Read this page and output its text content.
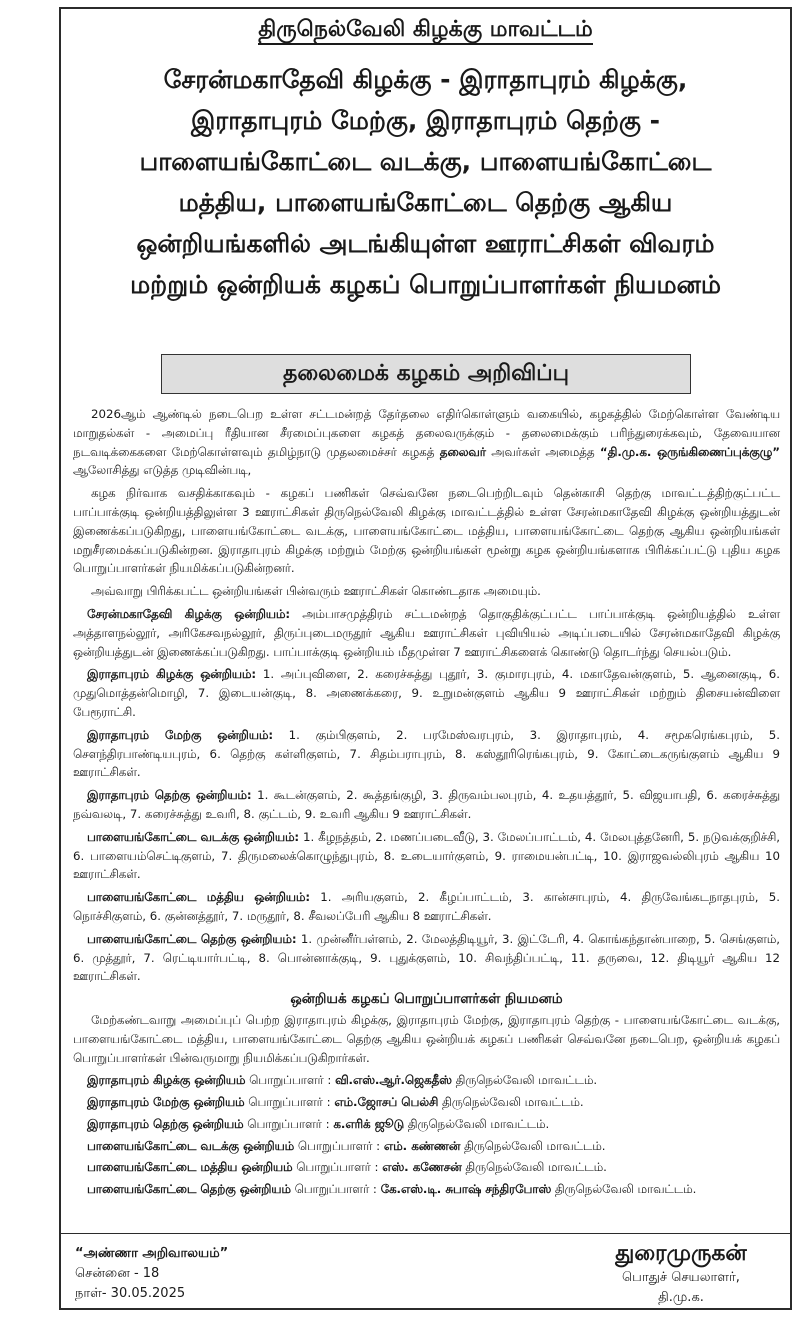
திருநெல்வேலி கிழக்கு மாவட்டம்
சேரன்மகாதேவி கிழக்கு - இராதாபுரம் கிழக்கு,
இராதாபுரம் மேற்கு, இராதாபுரம் தெற்கு -
பாளையங்கோட்டை வடக்கு, பாளையங்கோட்டை
மத்திய, பாளையங்கோட்டை தெற்கு ஆகிய
ஒன்றியங்களில் அடங்கியுள்ள ஊராட்சிகள் விவரம்
மற்றும் ஒன்றியக் கழகப் பொறுப்பாளர்கள் நியமனம்
தலைமைக் கழகம் அறிவிப்பு

2026ஆம் ஆண்டில் நடைபெற உள்ள சட்டமன்றத் தேர்தலை எதிர்கொள்ளும் வகையில், கழகத்தில் மேற்கொள்ள வேண்டிய மாறுதல்கள் - அமைப்பு ரீதியான சீரமைப்புகளை கழகத் தலைவருக்கும் - தலைமைக்கும் பரிந்துரைக்கவும், தேவையான நடவடிக்கைகளை மேற்கொள்ளவும் தமிழ்நாடு முதலமைச்சர் கழகத் தலைவர் அவர்கள் அமைத்த “தி.மு.க. ஒருங்கிணைப்புக்குழு” ஆலோசித்து எடுத்த முடிவின்படி,

கழக நிர்வாக வசதிக்காகவும் - கழகப் பணிகள் செவ்வனே நடைபெற்றிடவும் தென்காசி தெற்கு மாவட்டத்திற்குட்பட்ட பாப்பாக்குடி ஒன்றியத்திலுள்ள 3 ஊராட்சிகள் திருநெல்வேலி கிழக்கு மாவட்டத்தில் உள்ள சேரன்மகாதேவி கிழக்கு ஒன்றியத்துடன் இணைக்கப்படுகிறது, பாளையங்கோட்டை வடக்கு, பாளையங்கோட்டை மத்திய, பாளையங்கோட்டை தெற்கு ஆகிய ஒன்றியங்கள் மறுசீரமைக்கப்படுகின்றன. இராதாபுரம் கிழக்கு மற்றும் மேற்கு ஒன்றியங்கள் மூன்று கழக ஒன்றியங்களாக பிரிக்கப்பட்டு புதிய கழக பொறுப்பாளர்கள் நியமிக்கப்படுகின்றனர்.

அவ்வாறு பிரிக்கபட்ட ஒன்றியங்கள் பின்வரும் ஊராட்சிகள் கொண்டதாக அமையும்.

சேரன்மகாதேவி கிழக்கு ஒன்றியம்: அம்பாசமுத்திரம் சட்டமன்றத் தொகுதிக்குட்பட்ட பாப்பாக்குடி ஒன்றியத்தில் உள்ள அத்தாளநல்லூர், அரிகேசவநல்லூர், திருப்புடைமருதூர் ஆகிய ஊராட்சிகள் புவியியல் அடிப்படையில் சேரன்மகாதேவி கிழக்கு ஒன்றியத்துடன் இணைக்கப்படுகிறது. பாப்பாக்குடி ஒன்றியம் மீதமுள்ள 7 ஊராட்சிகளைக் கொண்டு தொடர்ந்து செயல்படும்.

இராதாபுரம் கிழக்கு ஒன்றியம்: 1. அப்புவிளை, 2. கரைச்சுத்து புதூர், 3. குமாரபுரம், 4. மகாதேவன்குளம், 5. ஆனைகுடி, 6. முதுமொத்தன்மொழி, 7. இடையன்குடி, 8. அணைக்கரை, 9. உறுமன்குளம் ஆகிய 9 ஊராட்சிகள் மற்றும் திசையன்விளை பேரூராட்சி.

இராதாபுரம் மேற்கு ஒன்றியம்: 1. கும்பிகுளம், 2. பரமேஸ்வரபுரம், 3. இராதாபுரம், 4. சமூகரெங்கபுரம், 5. சௌந்திரபாண்டியபுரம், 6. தெற்கு கள்ளிகுளம், 7. சிதம்பராபுரம், 8. கஸ்தூரிரெங்கபுரம், 9. கோட்டைகருங்குளம் ஆகிய 9 ஊராட்சிகள்.

இராதாபுரம் தெற்கு ஒன்றியம்: 1. கூடன்குளம், 2. கூத்தங்குழி, 3. திருவம்பலபுரம், 4. உதயத்தூர், 5. விஜயாபதி, 6. கரைச்சுத்து நவ்வலடி, 7. கரைச்சுத்து உவரி, 8. குட்டம், 9. உவரி ஆகிய 9 ஊராட்சிகள்.

பாளையங்கோட்டை வடக்கு ஒன்றியம்: 1. கீழநத்தம், 2. மணப்படைவீடு, 3. மேலப்பாட்டம், 4. மேலபுத்தனேரி, 5. நடுவக்குறிச்சி, 6. பாளையம்செட்டிகுளம், 7. திருமலைக்கொழுந்துபுரம், 8. உடையார்குளம், 9. ராமையன்பட்டி, 10. இராஜவல்லிபுரம் ஆகிய 10 ஊராட்சிகள்.

பாளையங்கோட்டை மத்திய ஒன்றியம்: 1. அரியகுளம், 2. கீழப்பாட்டம், 3. கான்சாபுரம், 4. திருவேங்கடநாதபுரம், 5. நொச்சிகுளம், 6. குன்னத்தூர், 7. மருதூர், 8. சீவலப்பேரி ஆகிய 8 ஊராட்சிகள்.

பாளையங்கோட்டை தெற்கு ஒன்றியம்: 1. முன்னீர்பள்ளம், 2. மேலத்திடியூர், 3. இட்டேரி, 4. கொங்கந்தான்பாறை, 5. செங்குளம், 6. முத்தூர், 7. ரெட்டியார்பட்டி, 8. பொன்னாக்குடி, 9. புதுக்குளம், 10. சிவந்திப்பட்டி, 11. தருவை, 12. திடியூர் ஆகிய 12 ஊராட்சிகள்.

ஒன்றியக் கழகப் பொறுப்பாளர்கள் நியமனம்

மேற்கண்டவாறு அமைப்புப் பெற்ற இராதாபுரம் கிழக்கு, இராதாபுரம் மேற்கு, இராதாபுரம் தெற்கு - பாளையங்கோட்டை வடக்கு, பாளையங்கோட்டை மத்திய, பாளையங்கோட்டை தெற்கு ஆகிய ஒன்றியக் கழகப் பணிகள் செவ்வனே நடைபெற, ஒன்றியக் கழகப் பொறுப்பாளர்கள் பின்வருமாறு நியமிக்கப்படுகிறார்கள்.

இராதாபுரம் கிழக்கு ஒன்றியம் பொறுப்பாளர் : வி.எஸ்.ஆர்.ஜெகதீஸ் திருநெல்வேலி மாவட்டம்.

இராதாபுரம் மேற்கு ஒன்றியம் பொறுப்பாளர் : எம்.ஜோசப் பெல்சி திருநெல்வேலி மாவட்டம்.

இராதாபுரம் தெற்கு ஒன்றியம் பொறுப்பாளர் : க.எரிக் ஜூடு திருநெல்வேலி மாவட்டம்.

பாளையங்கோட்டை வடக்கு ஒன்றியம் பொறுப்பாளர் : எம். கண்ணன் திருநெல்வேலி மாவட்டம்.

பாளையங்கோட்டை மத்திய ஒன்றியம் பொறுப்பாளர் : எஸ். கணேசன் திருநெல்வேலி மாவட்டம்.

பாளையங்கோட்டை தெற்கு ஒன்றியம் பொறுப்பாளர் : கே.எஸ்.டி. சுபாஷ் சந்திரபோஸ் திருநெல்வேலி மாவட்டம்.

“அண்ணா அறிவாலயம்”
சென்னை - 18
நாள்- 30.05.2025
துரைமுருகன்
பொதுச் செயலாளர்,
தி.மு.க.
